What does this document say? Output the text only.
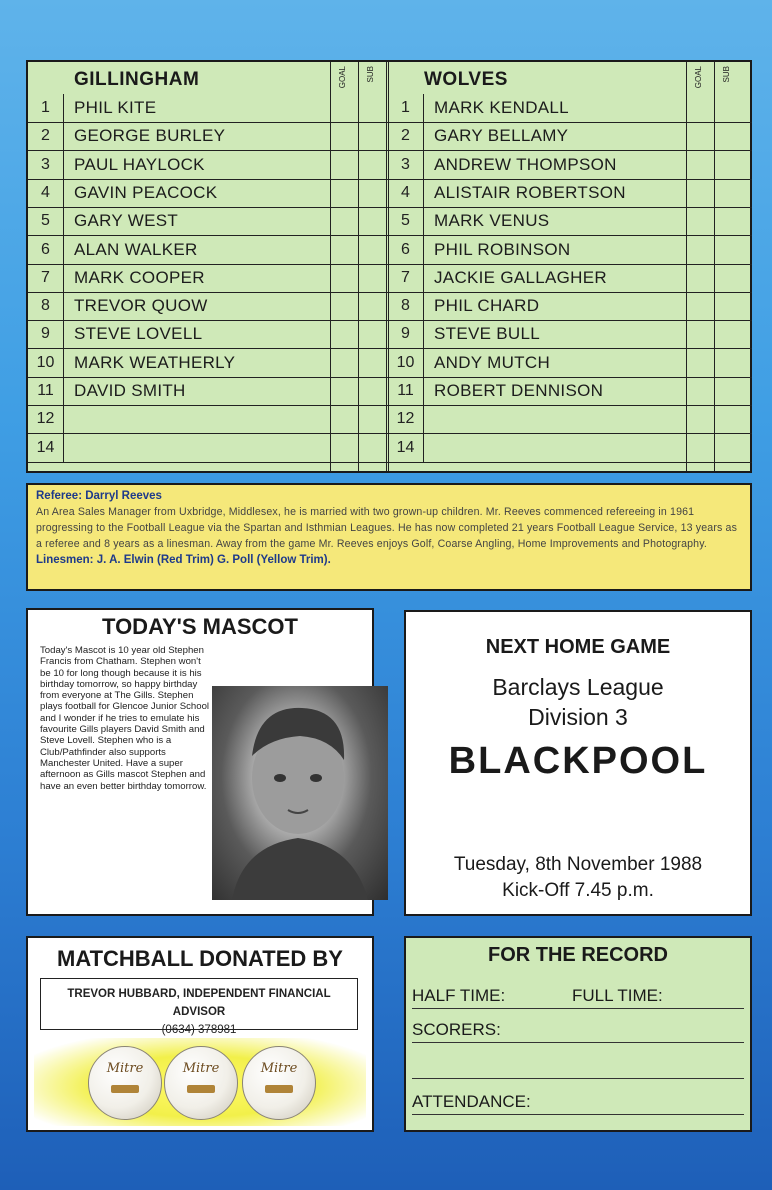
GILLINGHAM	GOAL SUB
1	PHIL KITE
2	GEORGE BURLEY
3	PAUL HAYLOCK
4	GAVIN PEACOCK
5	GARY WEST
6	ALAN WALKER
7	MARK COOPER
8	TREVOR QUOW
9	STEVE LOVELL
10	MARK WEATHERLY
11	DAVID SMITH
12
14
WOLVES	GOAL SUB
1	MARK KENDALL
2	GARY BELLAMY
3	ANDREW THOMPSON
4	ALISTAIR ROBERTSON
5	MARK VENUS
6	PHIL ROBINSON
7	JACKIE GALLAGHER
8	PHIL CHARD
9	STEVE BULL
10	ANDY MUTCH
11	ROBERT DENNISON
12
14
Referee: Darryl Reeves
An Area Sales Manager from Uxbridge, Middlesex, he is married with two grown-up children. Mr. Reeves commenced refereeing in 1961 progressing to the Football League via the Spartan and Isthmian Leagues. He has now completed 21 years Football League Service, 13 years as a referee and 8 years as a linesman. Away from the game Mr. Reeves enjoys Golf, Coarse Angling, Home Improvements and Photography.
Linesmen: J. A. Elwin (Red Trim) G. Poll (Yellow Trim).
TODAY'S MASCOT
Today's Mascot is 10 year old Stephen Francis from Chatham. Stephen won't be 10 for long though because it is his birthday tomorrow, so happy birthday from everyone at The Gills. Stephen plays football for Glencoe Junior School and I wonder if he tries to emulate his favourite Gills players David Smith and Steve Lovell. Stephen who is a Club/Pathfinder also supports Manchester United. Have a super afternoon as Gills mascot Stephen and have an even better birthday tomorrow.
NEXT HOME GAME
Barclays League
Division 3
BLACKPOOL
Tuesday, 8th November 1988
Kick-Off 7.45 p.m.
MATCHBALL DONATED BY
TREVOR HUBBARD, INDEPENDENT FINANCIAL ADVISOR
(0634) 378981
Mitre	Mitre	Mitre
FOR THE RECORD
HALF TIME:	FULL TIME:
SCORERS:
ATTENDANCE:
